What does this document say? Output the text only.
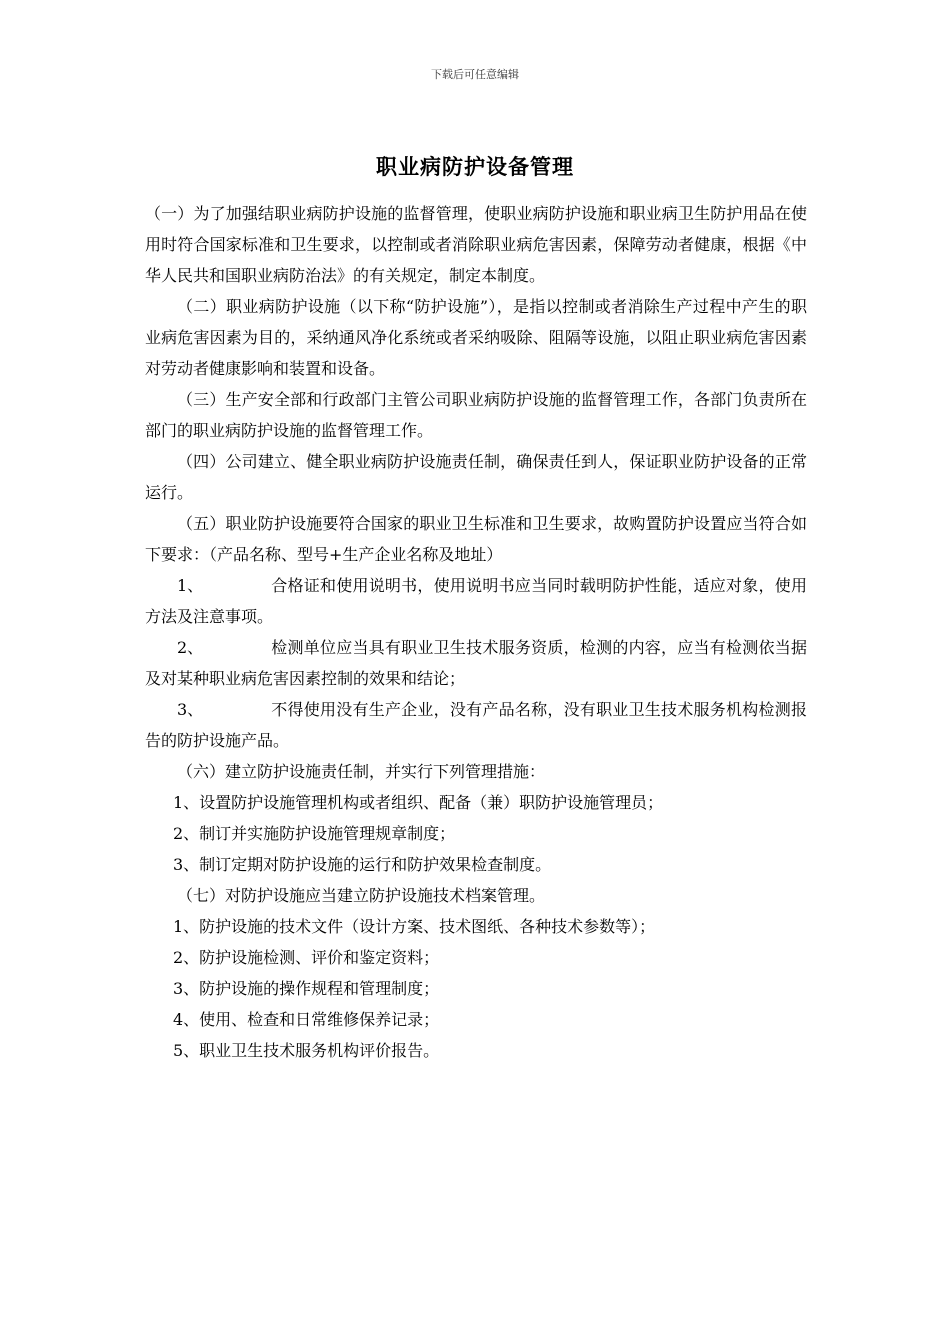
下载后可任意编辑
职业病防护设备管理

（一）为了加强结职业病防护设施的监督管理，使职业病防护设施和职业病卫生防护用品在使用时符合国家标准和卫生要求，以控制或者消除职业病危害因素，保障劳动者健康，根据《中华人民共和国职业病防治法》的有关规定，制定本制度。

（二）职业病防护设施（以下称“防护设施”），是指以控制或者消除生产过程中产生的职业病危害因素为目的，采纳通风净化系统或者采纳吸除、阻隔等设施，以阻止职业病危害因素对劳动者健康影响和装置和设备。

（三）生产安全部和行政部门主管公司职业病防护设施的监督管理工作，各部门负责所在部门的职业病防护设施的监督管理工作。

（四）公司建立、健全职业病防护设施责任制，确保责任到人，保证职业防护设备的正常运行。

（五）职业防护设施要符合国家的职业卫生标准和卫生要求，故购置防护设置应当符合如下要求：（产品名称、型号+生产企业名称及地址）

1、	合格证和使用说明书，使用说明书应当同时载明防护性能，适应对象，使用方法及注意事项。

2、	检测单位应当具有职业卫生技术服务资质，检测的内容，应当有检测依当据及对某种职业病危害因素控制的效果和结论；

3、	不得使用没有生产企业，没有产品名称，没有职业卫生技术服务机构检测报告的防护设施产品。

（六）建立防护设施责任制，并实行下列管理措施：

1、设置防护设施管理机构或者组织、配备（兼）职防护设施管理员；

2、制订并实施防护设施管理规章制度；

3、制订定期对防护设施的运行和防护效果检查制度。

（七）对防护设施应当建立防护设施技术档案管理。

1、防护设施的技术文件（设计方案、技术图纸、各种技术参数等）；

2、防护设施检测、评价和鉴定资料；

3、防护设施的操作规程和管理制度；

4、使用、检查和日常维修保养记录；

5、职业卫生技术服务机构评价报告。
